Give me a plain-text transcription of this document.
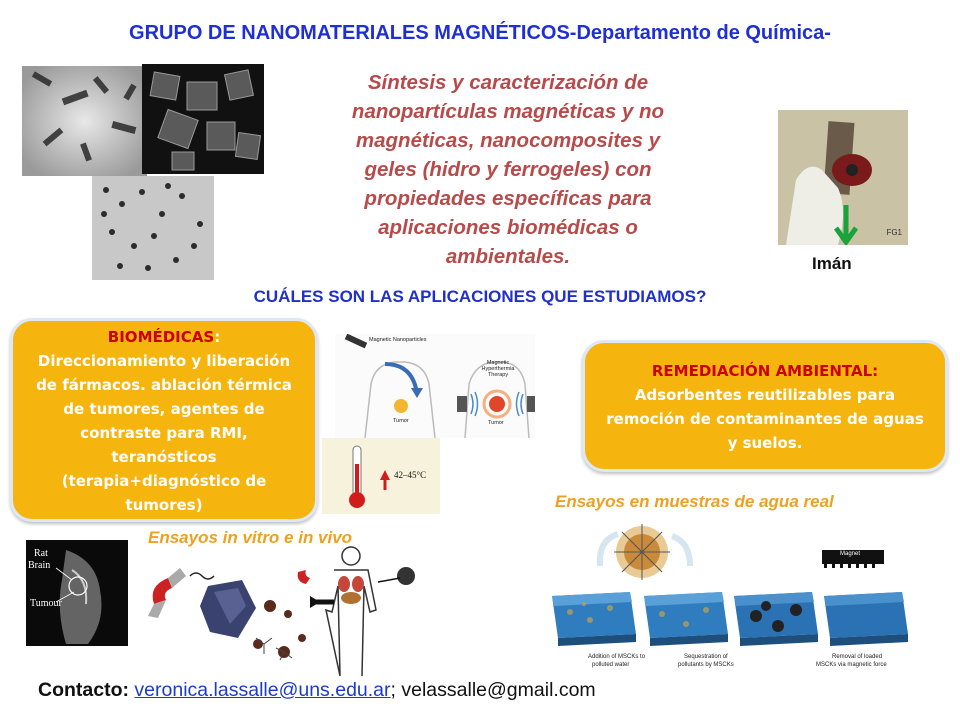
GRUPO DE NANOMATERIALES MAGNÉTICOS-Departamento de Química-
Síntesis y caracterización de
nanopartículas magnéticas y no
magnéticas, nanocomposites y
geles (hidro y ferrogeles) con
propiedades específicas para
aplicaciones biomédicas o
ambientales.
FG1
Imán
CUÁLES SON LAS APLICACIONES QUE ESTUDIAMOS?
BIOMÉDICAS:
Direccionamiento y liberación
de fármacos. ablación térmica
de tumores, agentes de
contraste para RMI,
teranósticos
(terapia+diagnóstico de
tumores)
Magnetic Nanoparticles
Magnetic Hyperthermia Therapy
Tumor	Tumor
42–45°C
REMEDIACIÓN AMBIENTAL:
Adsorbentes reutilizables para
remoción de contaminantes de aguas
y suelos.
Ensayos en muestras de agua real
Ensayos in vitro e in vivo
Rat
Brain
Tumour
Addition of MSCKs to
polluted water
Sequestration of
pollutants by MSCKs
Removal of loaded
MSCKs via magnetic force
Magnet
Contacto: veronica.lassalle@uns.edu.ar; velassalle@gmail.com
